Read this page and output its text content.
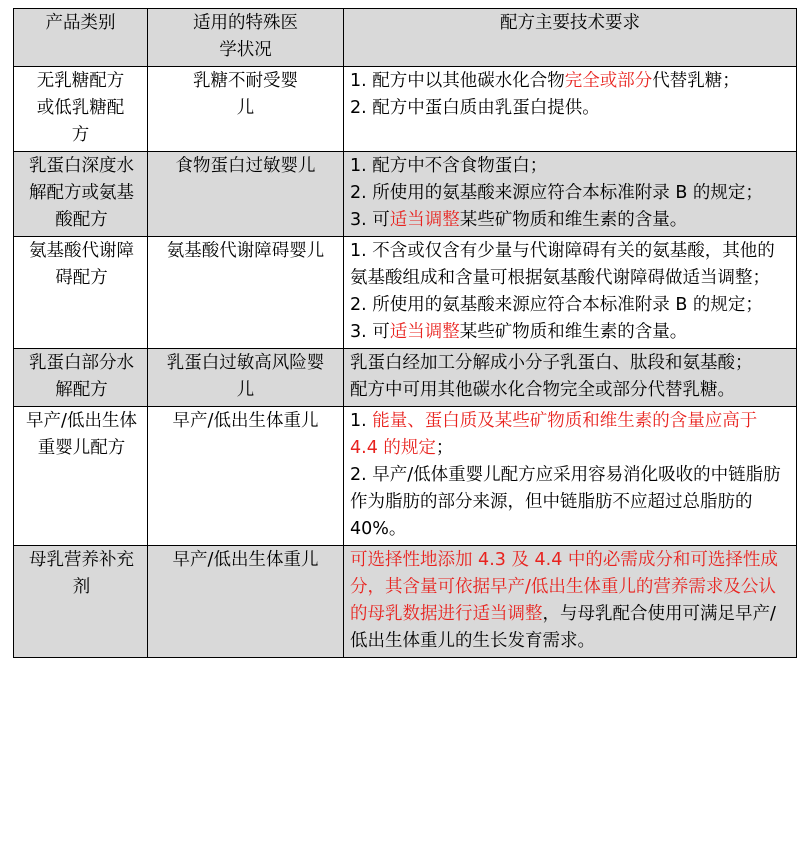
产品类别	适用的特殊医学状况	配方主要技术要求
无乳糖配方或低乳糖配方	乳糖不耐受婴儿	1. 配方中以其他碳水化合物完全或部分代替乳糖；
2. 配方中蛋白质由乳蛋白提供。

乳蛋白深度水解配方或氨基酸配方	食物蛋白过敏婴儿	1. 配方中不含食物蛋白；
2. 所使用的氨基酸来源应符合本标准附录 B 的规定；
3. 可适当调整某些矿物质和维生素的含量。

氨基酸代谢障碍配方	氨基酸代谢障碍婴儿	1. 不含或仅含有少量与代谢障碍有关的氨基酸，其他的氨基酸组成和含量可根据氨基酸代谢障碍做适当调整；
2. 所使用的氨基酸来源应符合本标准附录 B 的规定；
3. 可适当调整某些矿物质和维生素的含量。

乳蛋白部分水解配方	乳蛋白过敏高风险婴儿	乳蛋白经加工分解成小分子乳蛋白、肽段和氨基酸；
配方中可用其他碳水化合物完全或部分代替乳糖。

早产/低出生体重婴儿配方	早产/低出生体重儿	1. 能量、蛋白质及某些矿物质和维生素的含量应高于 4.4 的规定；
2. 早产/低体重婴儿配方应采用容易消化吸收的中链脂肪作为脂肪的部分来源，但中链脂肪不应超过总脂肪的 40%。

母乳营养补充剂	早产/低出生体重儿	可选择性地添加 4.3 及 4.4 中的必需成分和可选择性成分，其含量可依据早产/低出生体重儿的营养需求及公认的母乳数据进行适当调整，与母乳配合使用可满足早产/低出生体重儿的生长发育需求。
